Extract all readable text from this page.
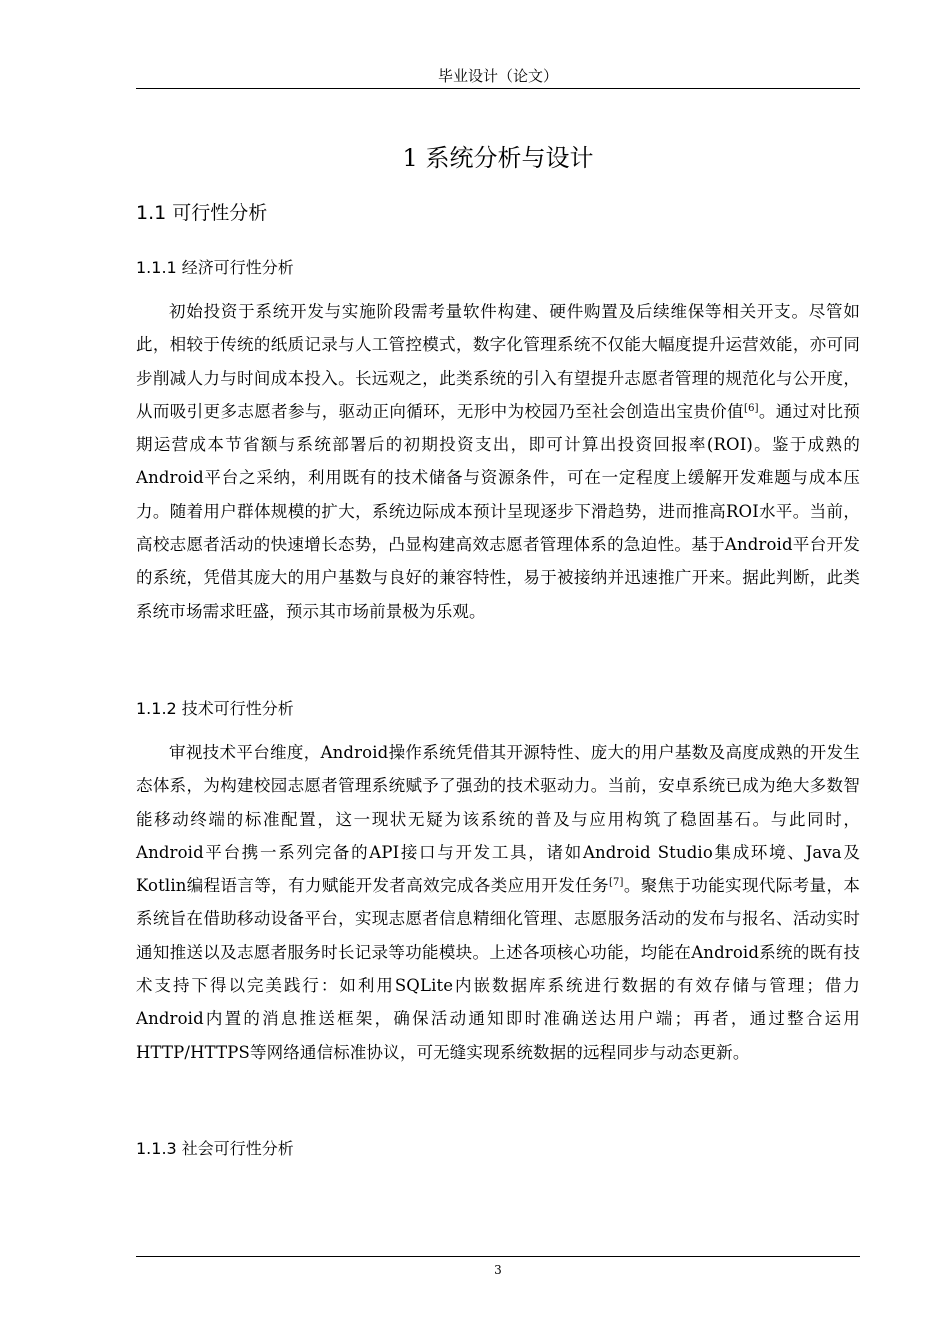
毕业设计（论文）
1 系统分析与设计
1.1 可行性分析
1.1.1 经济可行性分析
初始投资于系统开发与实施阶段需考量软件构建、硬件购置及后续维保等相关开支。尽管如此，相较于传统的纸质记录与人工管控模式，数字化管理系统不仅能大幅度提升运营效能，亦可同步削减人力与时间成本投入。长远观之，此类系统的引入有望提升志愿者管理的规范化与公开度，从而吸引更多志愿者参与，驱动正向循环，无形中为校园乃至社会创造出宝贵价值[6]。通过对比预期运营成本节省额与系统部署后的初期投资支出，即可计算出投资回报率(ROI)。鉴于成熟的Android平台之采纳，利用既有的技术储备与资源条件，可在一定程度上缓解开发难题与成本压力。随着用户群体规模的扩大，系统边际成本预计呈现逐步下滑趋势，进而推高ROI水平。当前，高校志愿者活动的快速增长态势，凸显构建高效志愿者管理体系的急迫性。基于Android平台开发的系统，凭借其庞大的用户基数与良好的兼容特性，易于被接纳并迅速推广开来。据此判断，此类系统市场需求旺盛，预示其市场前景极为乐观。
1.1.2 技术可行性分析
审视技术平台维度，Android操作系统凭借其开源特性、庞大的用户基数及高度成熟的开发生态体系，为构建校园志愿者管理系统赋予了强劲的技术驱动力。当前，安卓系统已成为绝大多数智能移动终端的标准配置，这一现状无疑为该系统的普及与应用构筑了稳固基石。与此同时，Android平台携一系列完备的API接口与开发工具，诸如Android Studio集成环境、Java及Kotlin编程语言等，有力赋能开发者高效完成各类应用开发任务[7]。聚焦于功能实现代际考量，本系统旨在借助移动设备平台，实现志愿者信息精细化管理、志愿服务活动的发布与报名、活动实时通知推送以及志愿者服务时长记录等功能模块。上述各项核心功能，均能在Android系统的既有技术支持下得以完美践行：如利用SQLite内嵌数据库系统进行数据的有效存储与管理；借力Android内置的消息推送框架，确保活动通知即时准确送达用户端；再者，通过整合运用HTTP/HTTPS等网络通信标准协议，可无缝实现系统数据的远程同步与动态更新。
1.1.3 社会可行性分析
3
